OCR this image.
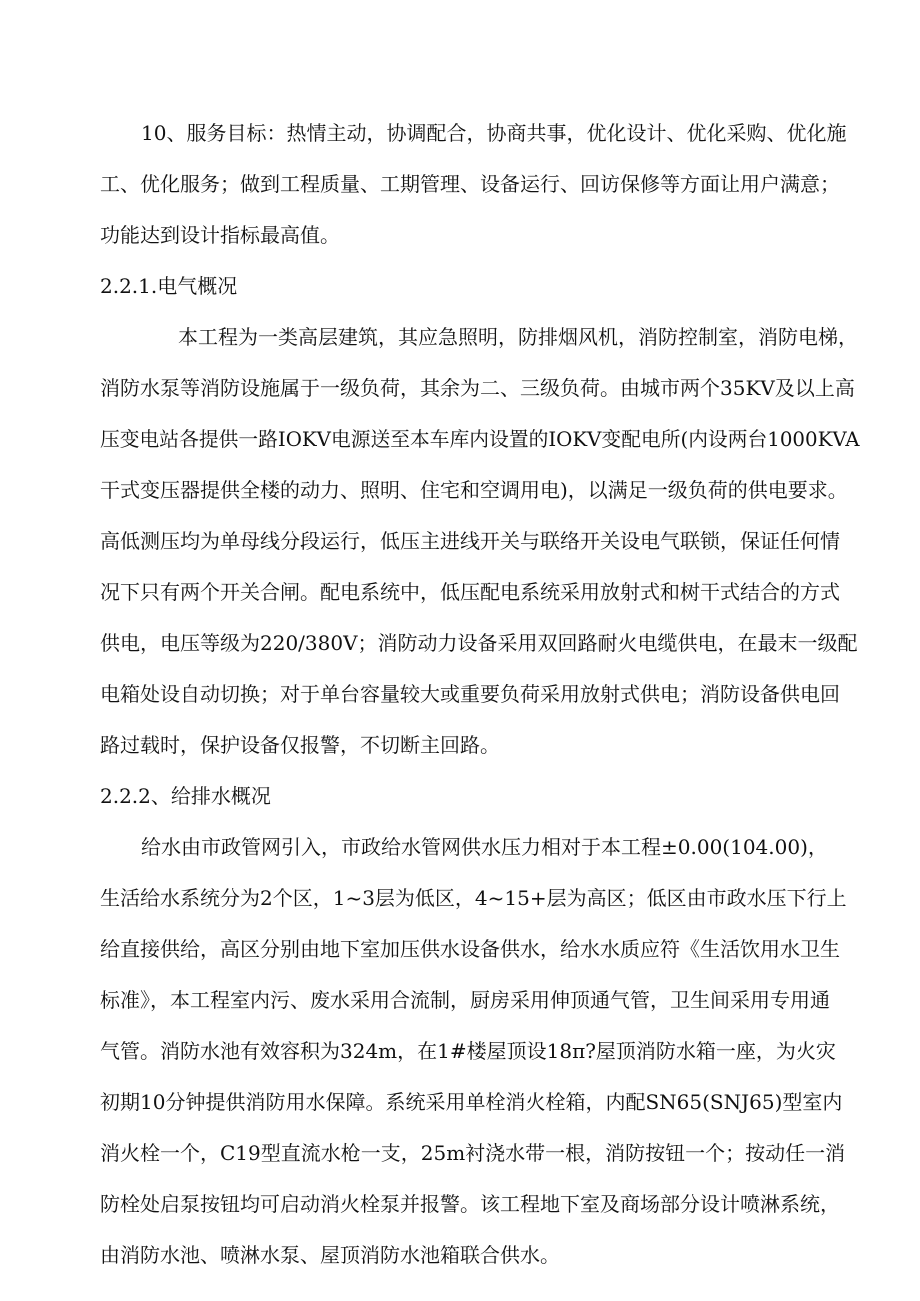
10、服务目标：热情主动，协调配合，协商共事，优化设计、优化采购、优化施
工、优化服务；做到工程质量、工期管理、设备运行、回访保修等方面让用户满意；
功能达到设计指标最高值。
2.2.1.电气概况
本工程为一类高层建筑，其应急照明，防排烟风机，消防控制室，消防电梯，
消防水泵等消防设施属于一级负荷，其余为二、三级负荷。由城市两个35KV及以上高
压变电站各提供一路IOKV电源送至本车库内设置的IOKV变配电所(内设两台1000KVA
干式变压器提供全楼的动力、照明、住宅和空调用电)，以满足一级负荷的供电要求。
高低测压均为单母线分段运行，低压主进线开关与联络开关设电气联锁，保证任何情
况下只有两个开关合闸。配电系统中，低压配电系统采用放射式和树干式结合的方式
供电，电压等级为220/380V；消防动力设备采用双回路耐火电缆供电，在最末一级配
电箱处设自动切换；对于单台容量较大或重要负荷采用放射式供电；消防设备供电回
路过载时，保护设备仅报警，不切断主回路。
2.2.2、给排水概况
给水由市政管网引入，市政给水管网供水压力相对于本工程±0.00(104.00)，
生活给水系统分为2个区，1~3层为低区，4~15+层为高区；低区由市政水压下行上
给直接供给，高区分别由地下室加压供水设备供水，给水水质应符《生活饮用水卫生
标准》，本工程室内污、废水采用合流制，厨房采用伸顶通气管，卫生间采用专用通
气管。消防水池有效容积为324m，在1#楼屋顶设18π?屋顶消防水箱一座，为火灾
初期10分钟提供消防用水保障。系统采用单栓消火栓箱，内配SN65(SNJ65)型室内
消火栓一个，C19型直流水枪一支，25m衬浇水带一根，消防按钮一个；按动任一消
防栓处启泵按钮均可启动消火栓泵并报警。该工程地下室及商场部分设计喷淋系统，
由消防水池、喷淋水泵、屋顶消防水池箱联合供水。
